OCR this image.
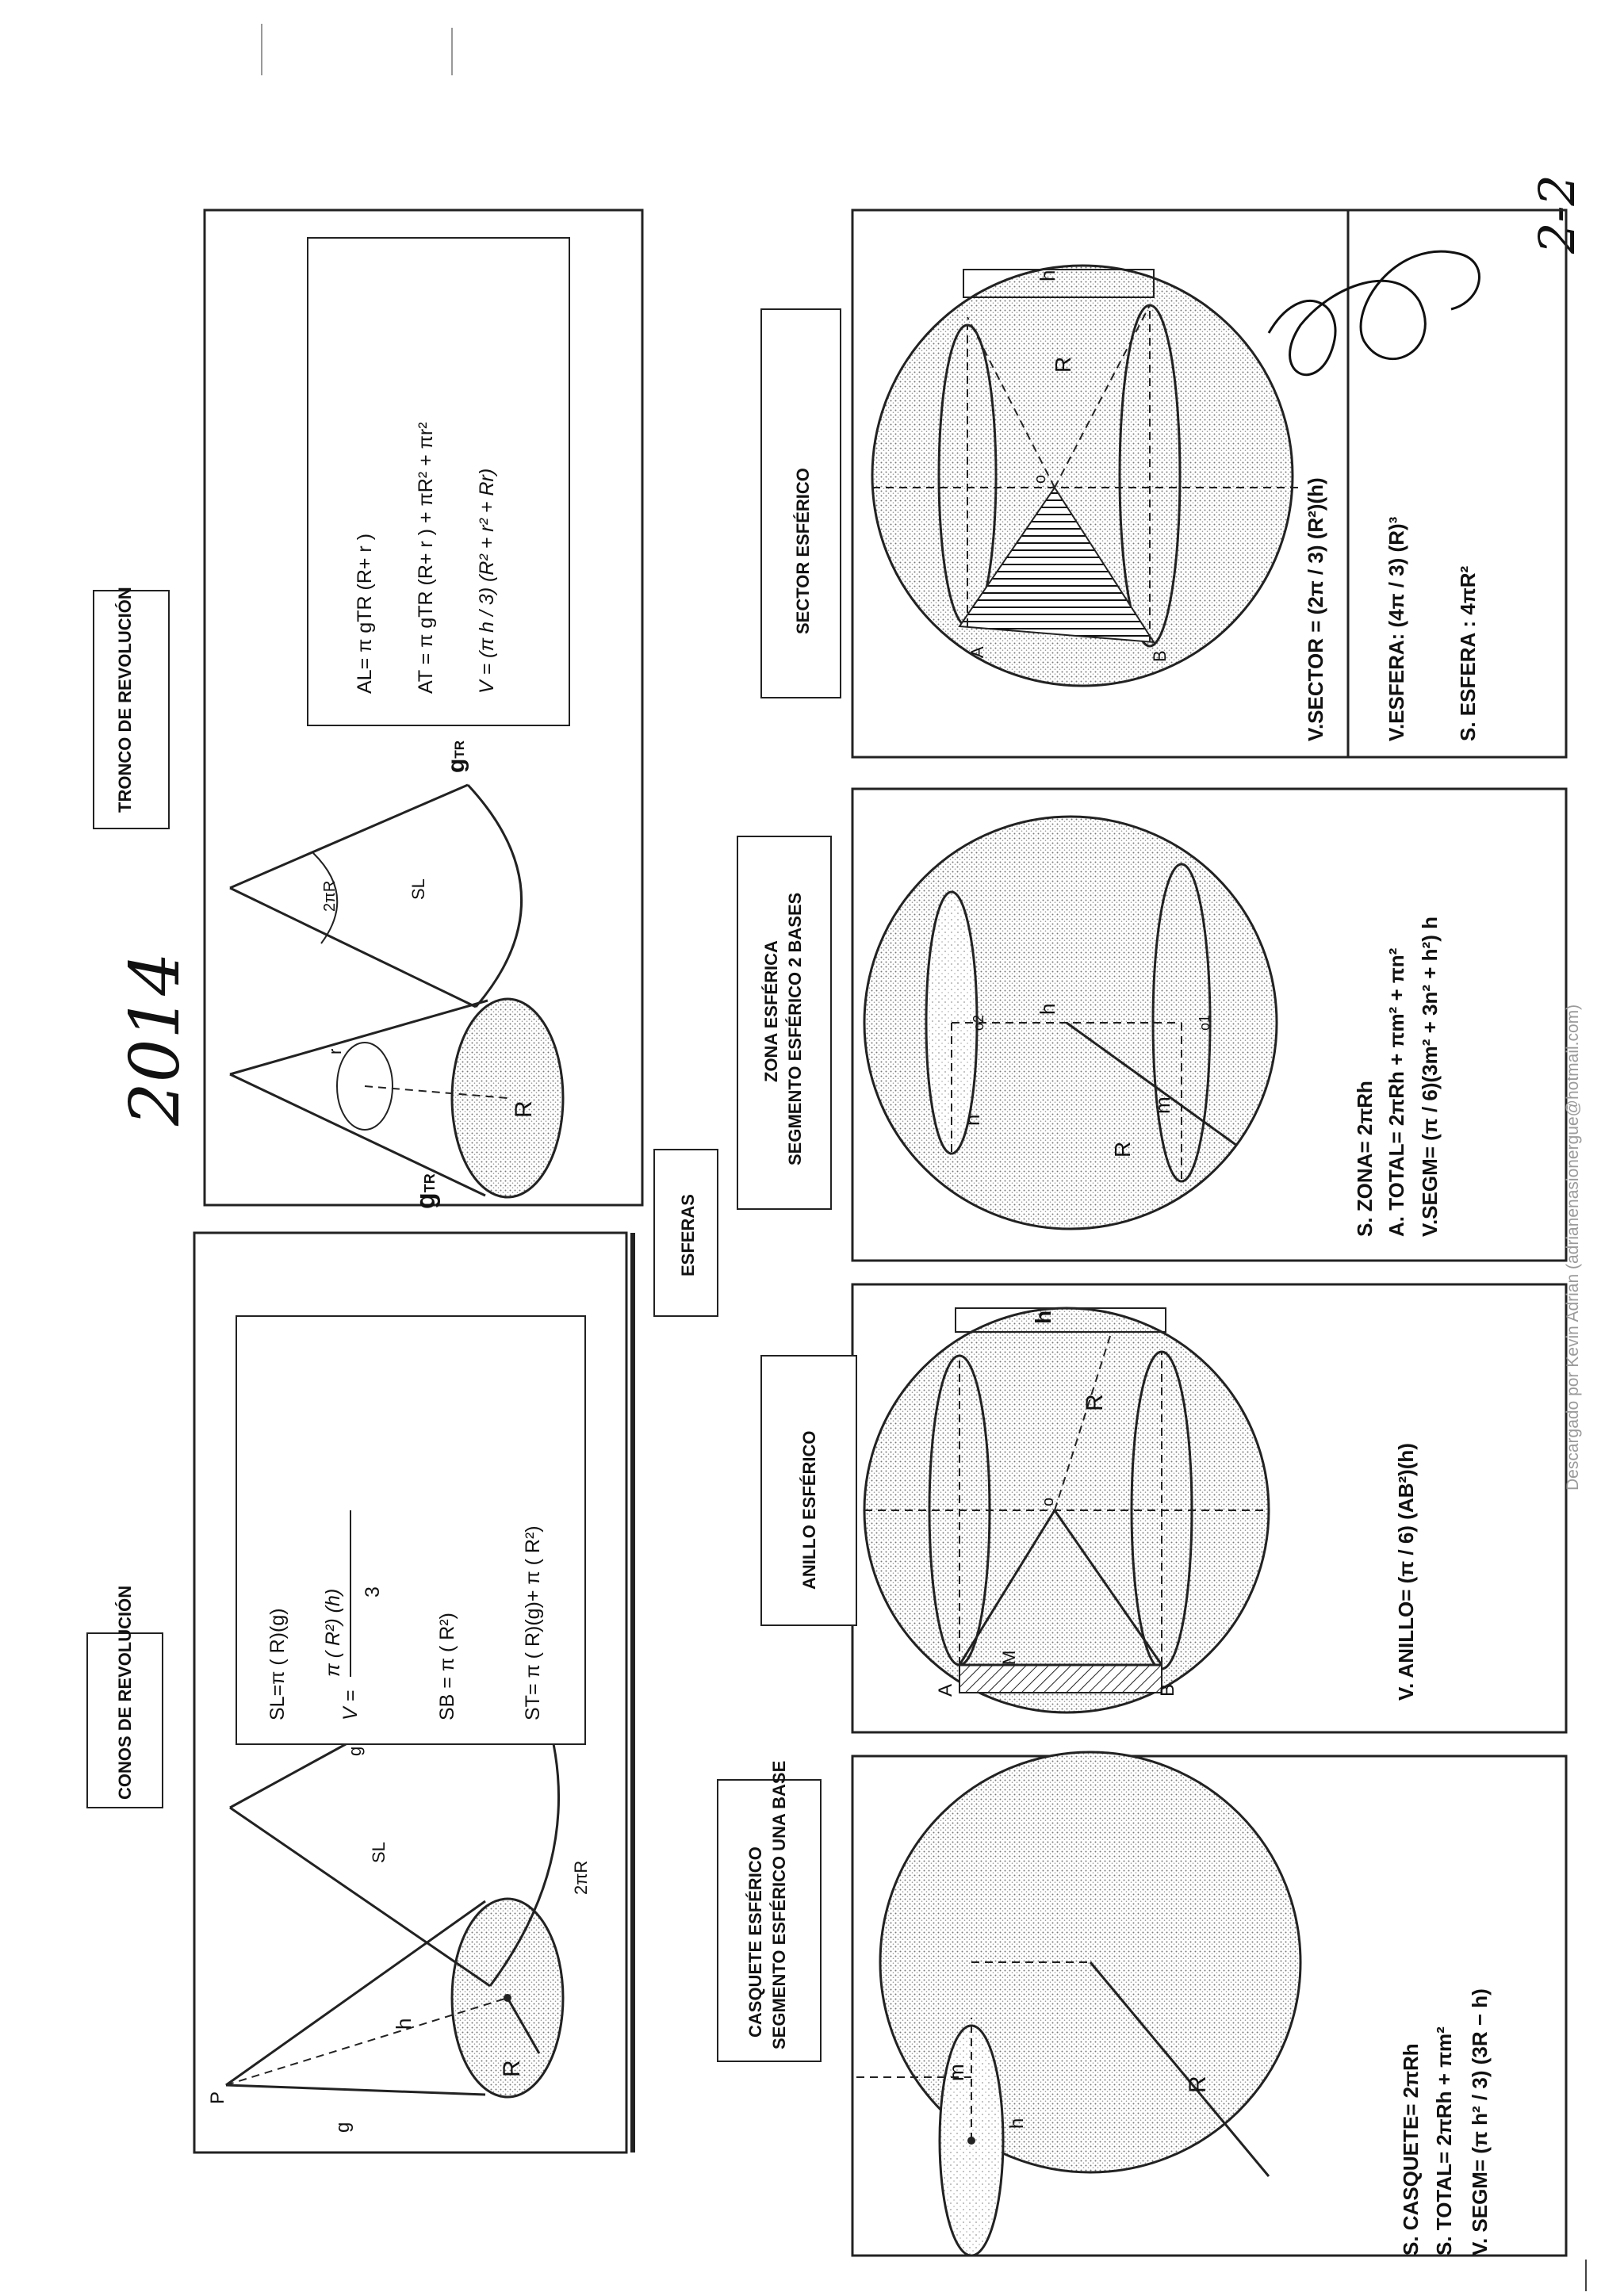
2-2
CONOS DE REVOLUCIÓN
P
h
R
g
g
SL
2πR
SL=π ( R)(g)	V =
π ( R²) (h) 3
SB = π ( R²)	ST= π ( R)(g)+ π ( R²)
TRONCO DE REVOLUCIÓN
2014	r
R
gTR
2πR	SL
gTR
AL= π gTR (R+ r ) AT = π gTR (R+ r ) + πR² + πr² V = (π h / 3) (R² + r² + Rr)
ESFERAS
CASQUETE ESFÉRICO SEGMENTO ESFÉRICO UNA BASE
h
m
R	S. CASQUETE= 2πRh S. TOTAL= 2πRh + πm² V. SEGM= (π h² / 3) (3R − h)
ANILLO ESFÉRICO
A	B
o
M
R
h
V. ANILLO= (π / 6) (AB²)(h)
ZONA ESFÉRICA SEGMENTO ESFÉRICO 2 BASES	n
m
h
R
o2	o1
S. ZONA= 2πRh A. TOTAL= 2πRh + πm² + πn² V.SEGM= (π / 6)(3m² + 3n² + h²) h
SECTOR ESFÉRICO
A	B
o
R
h
V.SECTOR = (2π / 3) (R²)(h)	V.ESFERA: (4π / 3) (R)³ S. ESFERA : 4πR²
Descargado por Kevin Adrian (adrianenasionergue@hotmail.com)
